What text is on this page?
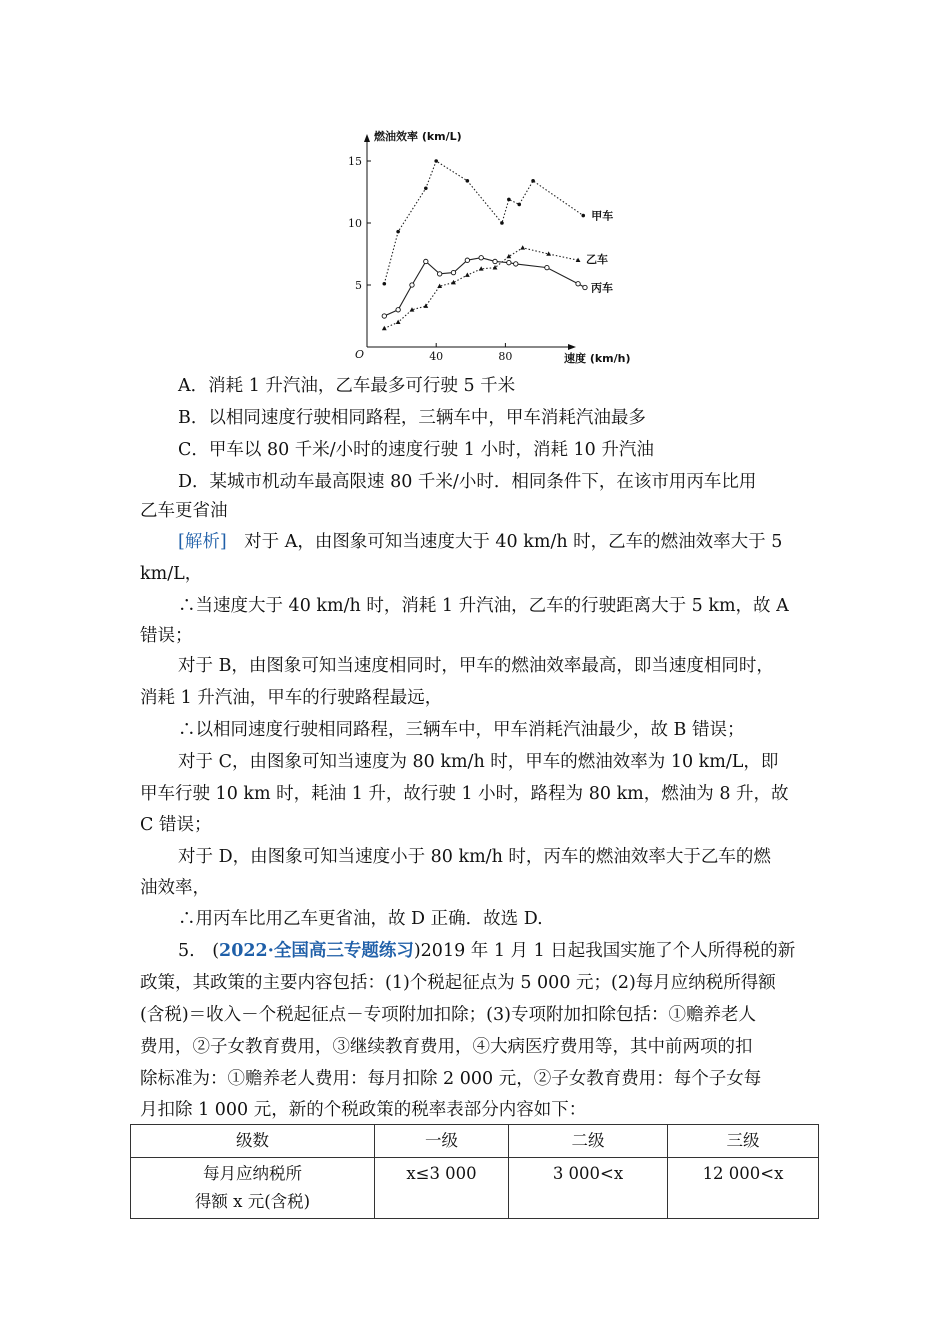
燃油效率 (km/L)
速度 (km/h)
O	40	80
5
10
15
甲车
乙车
丙车
A．消耗 1 升汽油，乙车最多可行驶 5 千米
B．以相同速度行驶相同路程，三辆车中，甲车消耗汽油最多
C．甲车以 80 千米/小时的速度行驶 1 小时，消耗 10 升汽油
D．某城市机动车最高限速 80 千米/小时．相同条件下，在该市用丙车比用
乙车更省油
[解析]　对于 A，由图象可知当速度大于 40 km/h 时，乙车的燃油效率大于 5
km/L，
∴当速度大于 40 km/h 时，消耗 1 升汽油，乙车的行驶距离大于 5 km，故 A
错误；
对于 B，由图象可知当速度相同时，甲车的燃油效率最高，即当速度相同时，
消耗 1 升汽油，甲车的行驶路程最远，
∴以相同速度行驶相同路程，三辆车中，甲车消耗汽油最少，故 B 错误；
对于 C，由图象可知当速度为 80 km/h 时，甲车的燃油效率为 10 km/L，即
甲车行驶 10 km 时，耗油 1 升，故行驶 1 小时，路程为 80 km，燃油为 8 升，故
C 错误；
对于 D，由图象可知当速度小于 80 km/h 时，丙车的燃油效率大于乙车的燃
油效率，
∴用丙车比用乙车更省油，故 D 正确．故选 D.
5.　(2022·全国高三专题练习)2019 年 1 月 1 日起我国实施了个人所得税的新
政策，其政策的主要内容包括：(1)个税起征点为 5 000 元；(2)每月应纳税所得额
(含税)＝收入－个税起征点－专项附加扣除；(3)专项附加扣除包括：①赡养老人
费用，②子女教育费用，③继续教育费用，④大病医疗费用等，其中前两项的扣
除标准为：①赡养老人费用：每月扣除 2 000 元，②子女教育费用：每个子女每
月扣除 1 000 元，新的个税政策的税率表部分内容如下：
级数	一级	二级	三级

每月应纳税所
得额 x 元(含税)	x≤3 000	3 000<x	12 000<x
